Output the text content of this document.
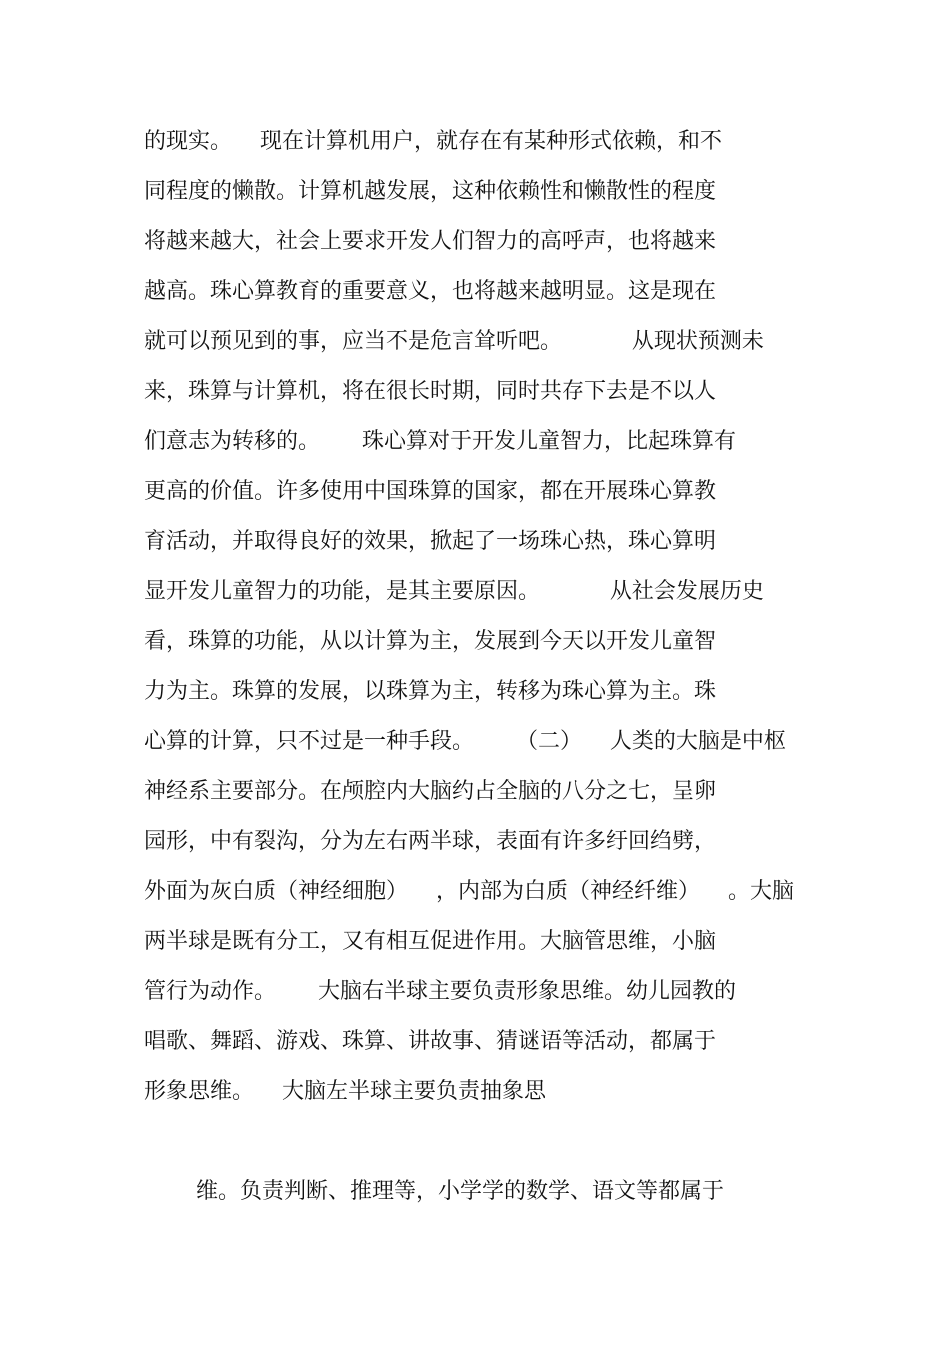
的现实。    现在计算机用户，就存在有某种形式依赖，和不
同程度的懒散。计算机越发展，这种依赖性和懒散性的程度
将越来越大，社会上要求开发人们智力的高呼声，也将越来
越高。珠心算教育的重要意义，也将越来越明显。这是现在
就可以预见到的事，应当不是危言耸听吧。          从现状预测未
来，珠算与计算机，将在很长时期，同时共存下去是不以人
们意志为转移的。      珠心算对于开发儿童智力，比起珠算有
更高的价值。许多使用中国珠算的国家，都在开展珠心算教
育活动，并取得良好的效果，掀起了一场珠心热，珠心算明
显开发儿童智力的功能，是其主要原因。          从社会发展历史
看，珠算的功能，从以计算为主，发展到今天以开发儿童智
力为主。珠算的发展，以珠算为主，转移为珠心算为主。珠
心算的计算，只不过是一种手段。      （二）    人类的大脑是中枢
神经系主要部分。在颅腔内大脑约占全脑的八分之七，呈卵
园形，中有裂沟，分为左右两半球，表面有许多纡回绉劈，
外面为灰白质（神经细胞）    ，内部为白质（神经纤维）    。大脑
两半球是既有分工，又有相互促进作用。大脑管思维，小脑
管行为动作。      大脑右半球主要负责形象思维。幼儿园教的
唱歌、舞蹈、游戏、珠算、讲故事、猜谜语等活动，都属于
形象思维。    大脑左半球主要负责抽象思
维。负责判断、推理等，小学学的数学、语文等都属于
